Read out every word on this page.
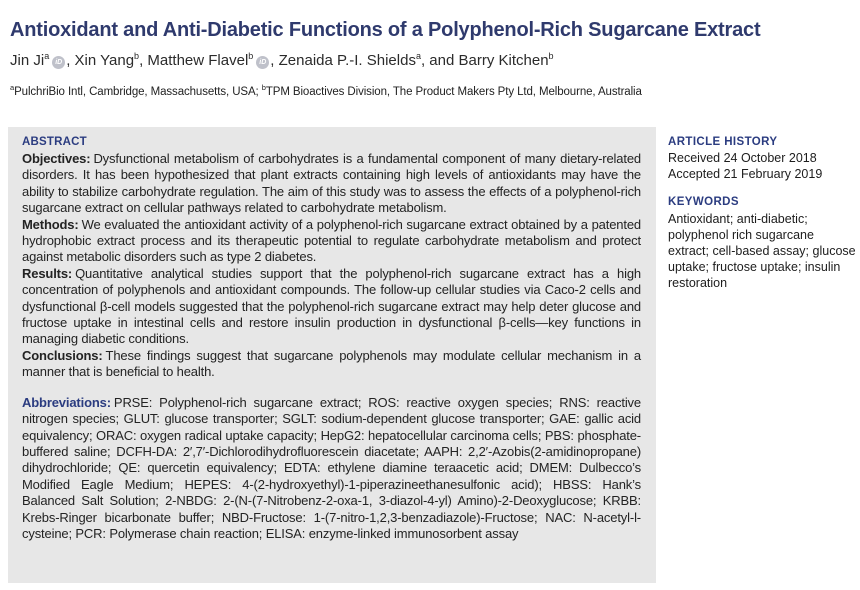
Antioxidant and Anti-Diabetic Functions of a Polyphenol-Rich Sugarcane Extract
Jin Ji$^a$iD , Xin Yang$^b$, Matthew Flavel$^b$iD , Zenaida P.-I. Shields$^a$, and Barry Kitchen$^b$
$^a$PulchriBio Intl, Cambridge, Massachusetts, USA; $^b$TPM Bioactives Division, The Product Makers Pty Ltd, Melbourne, Australia
ABSTRACT

Objectives: Dysfunctional metabolism of carbohydrates is a fundamental component of many dietary-related disorders. It has been hypothesized that plant extracts containing high levels of antioxidants may have the ability to stabilize carbohydrate regulation. The aim of this study was to assess the effects of a polyphenol-rich sugarcane extract on cellular pathways related to carbohydrate metabolism.

Methods: We evaluated the antioxidant activity of a polyphenol-rich sugarcane extract obtained by a patented hydrophobic extract process and its therapeutic potential to regulate carbohydrate metabolism and protect against metabolic disorders such as type 2 diabetes.

Results: Quantitative analytical studies support that the polyphenol-rich sugarcane extract has a high concentration of polyphenols and antioxidant compounds. The follow-up cellular studies via Caco-2 cells and dysfunctional β-cell models suggested that the polyphenol-rich sugarcane extract may help deter glucose and fructose uptake in intestinal cells and restore insulin production in dysfunctional β-cells—key functions in managing diabetic conditions.

Conclusions: These findings suggest that sugarcane polyphenols may modulate cellular mechanism in a manner that is beneficial to health.

Abbreviations: PRSE: Polyphenol-rich sugarcane extract; ROS: reactive oxygen species; RNS: reactive nitrogen species; GLUT: glucose transporter; SGLT: sodium-dependent glucose transporter; GAE: gallic acid equivalency; ORAC: oxygen radical uptake capacity; HepG2: hepatocellular carcinoma cells; PBS: phosphate-buffered saline; DCFH-DA: 2′,7′-Dichlorodihydrofluorescein diacetate; AAPH: 2,2′-Azobis(2-amidinopropane) dihydrochloride; QE: quercetin equivalency; EDTA: ethylene diamine teraacetic acid; DMEM: Dulbecco’s Modified Eagle Medium; HEPES: 4-(2-hydroxyethyl)-1-piperazineethanesulfonic acid); HBSS: Hank’s Balanced Salt Solution; 2-NBDG: 2-(N-(7-Nitrobenz-2-oxa-1, 3-diazol-4-yl) Amino)-2-Deoxyglucose; KRBB: Krebs-Ringer bicarbonate buffer; NBD-Fructose: 1-(7-nitro-1,2,3-benzadiazole)-Fructose; NAC: N-acetyl-l-cysteine; PCR: Polymerase chain reaction; ELISA: enzyme-linked immunosorbent assay

ARTICLE HISTORY
Received 24 October 2018
Accepted 21 February 2019
KEYWORDS
Antioxidant; anti-diabetic; polyphenol rich sugarcane extract; cell-based assay; glucose uptake; fructose uptake; insulin restoration
